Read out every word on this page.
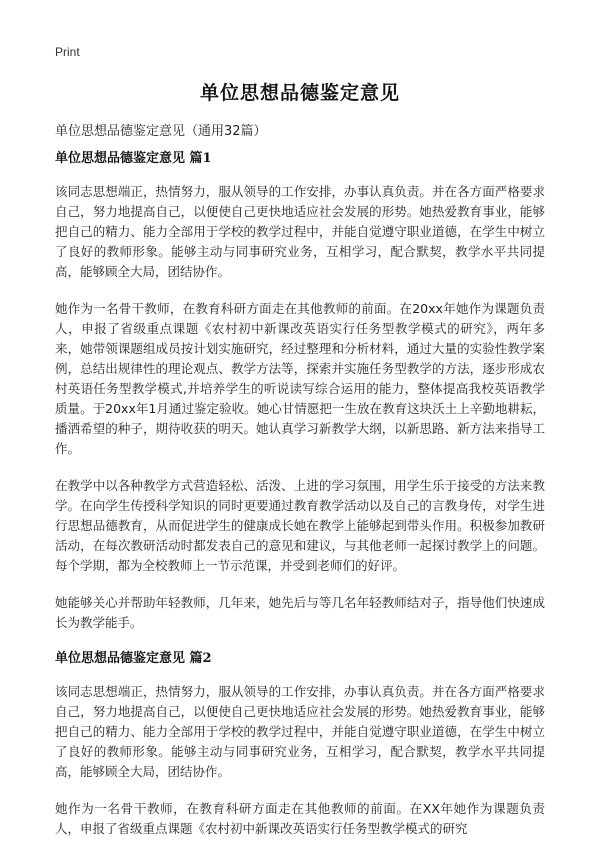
Print
单位思想品德鉴定意见
单位思想品德鉴定意见（通用32篇）
单位思想品德鉴定意见 篇1

该同志思想端正，热情努力，服从领导的工作安排，办事认真负责。并在各方面严格要求自己，努力地提高自己，以便使自己更快地适应社会发展的形势。她热爱教育事业，能够把自己的精力、能力全部用于学校的教学过程中，并能自觉遵守职业道德，在学生中树立了良好的教师形象。能够主动与同事研究业务，互相学习，配合默契，教学水平共同提高，能够顾全大局，团结协作。

她作为一名骨干教师，在教育科研方面走在其他教师的前面。在20xx年她作为课题负责人，申报了省级重点课题《农村初中新课改英语实行任务型教学模式的研究》，两年多来，她带领课题组成员按计划实施研究，经过整理和分析材料，通过大量的实验性教学案例，总结出规律性的理论观点、教学方法等，探索并实施任务型教学的方法，逐步形成农村英语任务型教学模式,并培养学生的听说读写综合运用的能力，整体提高我校英语教学质量。于20xx年1月通过鉴定验收。她心甘情愿把一生放在教育这块沃土上辛勤地耕耘，播洒希望的种子，期待收获的明天。她认真学习新教学大纲，以新思路、新方法来指导工作。

在教学中以各种教学方式营造轻松、活泼、上进的学习氛围，用学生乐于接受的方法来教学。在向学生传授科学知识的同时更要通过教育教学活动以及自己的言教身传，对学生进行思想品德教育，从而促进学生的健康成长她在教学上能够起到带头作用。积极参加教研活动，在每次教研活动时都发表自己的意见和建议，与其他老师一起探讨教学上的问题。每个学期，都为全校教师上一节示范课，并受到老师们的好评。

她能够关心并帮助年轻教师，几年来，她先后与等几名年轻教师结对子，指导他们快速成长为教学能手。

单位思想品德鉴定意见 篇2

该同志思想端正，热情努力，服从领导的工作安排，办事认真负责。并在各方面严格要求自己，努力地提高自己，以便使自己更快地适应社会发展的形势。她热爱教育事业，能够把自己的精力、能力全部用于学校的教学过程中，并能自觉遵守职业道德，在学生中树立了良好的教师形象。能够主动与同事研究业务，互相学习，配合默契，教学水平共同提高，能够顾全大局，团结协作。

她作为一名骨干教师，在教育科研方面走在其他教师的前面。在XX年她作为课题负责人，申报了省级重点课题《农村初中新课改英语实行任务型教学模式的研究
